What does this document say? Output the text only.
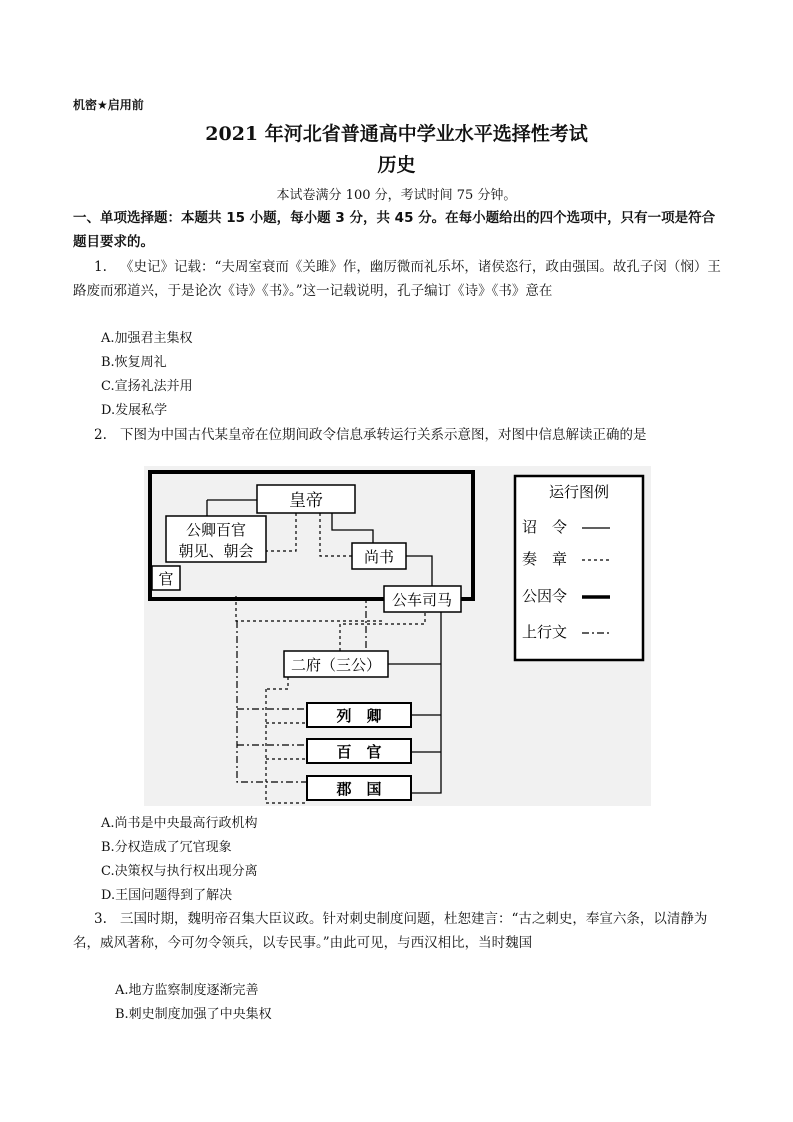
机密★启用前
2021 年河北省普通高中学业水平选择性考试
历史
本试卷满分 100 分，考试时间 75 分钟。
一、单项选择题：本题共 15 小题，每小题 3 分，共 45 分。在每小题给出的四个选项中，只有一项是符合题目要求的。
1. 《史记》记载：“夫周室衰而《关雎》作，幽厉微而礼乐坏，诸侯恣行，政由强国。故孔子闵（悯）王路废而邪道兴，于是论次《诗》《书》。”这一记载说明，孔子编订《诗》《书》意在
A.加强君主集权
B.恢复周礼
C.宣扬礼法并用
D.发展私学
2. 下图为中国古代某皇帝在位期间政令信息承转运行关系示意图，对图中信息解读正确的是
皇帝
公卿百官
朝见、朝会
官
尚书
公车司马
二府（三公）
列　卿
百　官
郡　国
运行图例
诏　令
奏　章
公因令
上行文
A.尚书是中央最高行政机构
B.分权造成了冗官现象
C.决策权与执行权出现分离
D.王国问题得到了解决
3. 三国时期，魏明帝召集大臣议政。针对刺史制度问题，杜恕建言：“古之刺史，奉宣六条，以清静为名，威风著称，今可勿令领兵，以专民事。”由此可见，与西汉相比，当时魏国
A.地方监察制度逐渐完善
B.刺史制度加强了中央集权
